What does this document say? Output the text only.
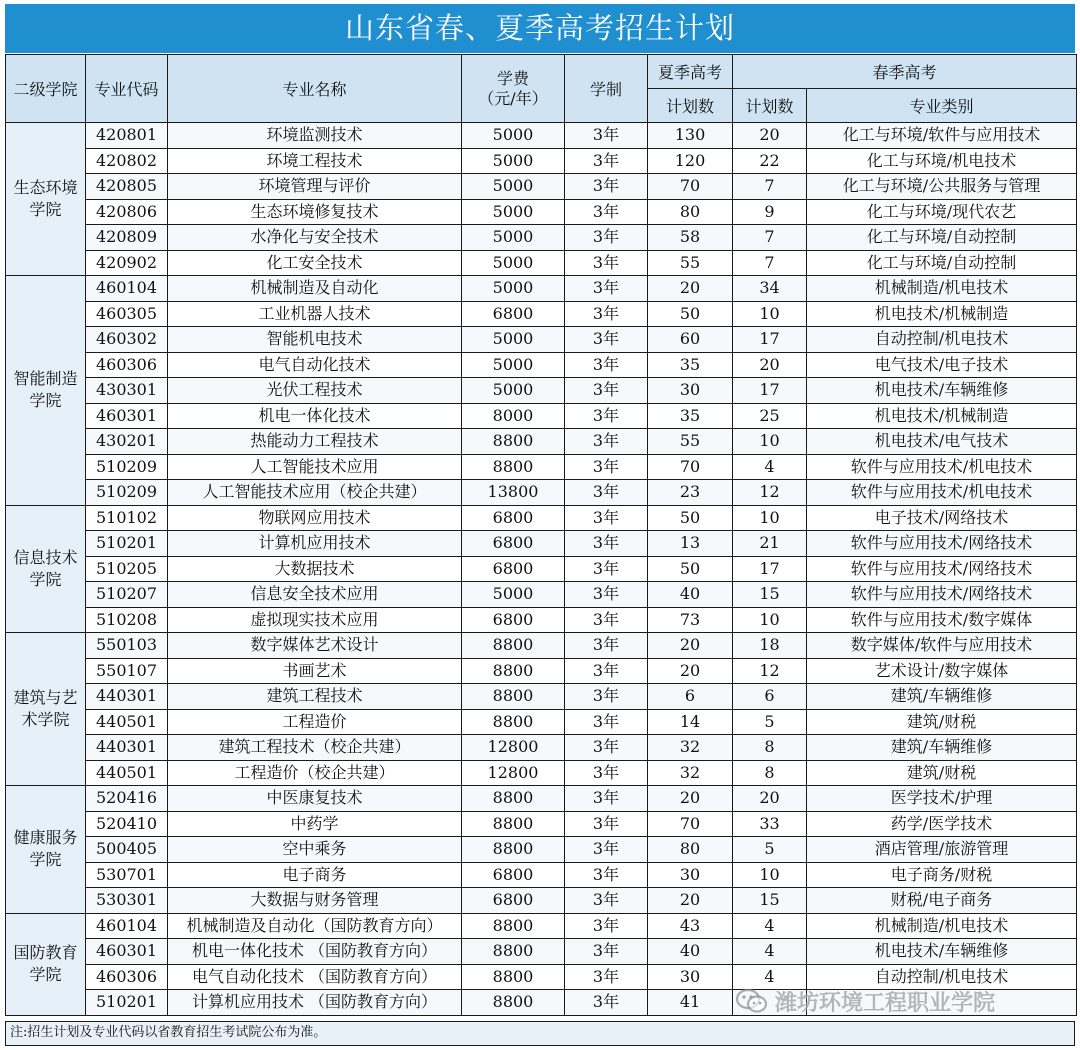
山东省春、夏季高考招生计划
二级学院	专业代码	专业名称	学费
（元/年）	学制	夏季高考	春季高考	
					计划数	计划数	专业类别
生态环境学院	420801	环境监测技术	5000	3年	130	20	化工与环境/软件与应用技术
	420802	环境工程技术	5000	3年	120	22	化工与环境/机电技术
	420805	环境管理与评价	5000	3年	70	7	化工与环境/公共服务与管理
	420806	生态环境修复技术	5000	3年	80	9	化工与环境/现代农艺
	420809	水净化与安全技术	5000	3年	58	7	化工与环境/自动控制
	420902	化工安全技术	5000	3年	55	7	化工与环境/自动控制
智能制造学院	460104	机械制造及自动化	5000	3年	20	34	机械制造/机电技术
	460305	工业机器人技术	6800	3年	50	10	机电技术/机械制造
	460302	智能机电技术	5000	3年	60	17	自动控制/机电技术
	460306	电气自动化技术	5000	3年	35	20	电气技术/电子技术
	430301	光伏工程技术	5000	3年	30	17	机电技术/车辆维修
	460301	机电一体化技术	8000	3年	35	25	机电技术/机械制造
	430201	热能动力工程技术	8800	3年	55	10	机电技术/电气技术
	510209	人工智能技术应用	8800	3年	70	4	软件与应用技术/机电技术
	510209	人工智能技术应用（校企共建）	13800	3年	23	12	软件与应用技术/机电技术
信息技术学院	510102	物联网应用技术	6800	3年	50	10	电子技术/网络技术
	510201	计算机应用技术	6800	3年	13	21	软件与应用技术/网络技术
	510205	大数据技术	6800	3年	50	17	软件与应用技术/网络技术
	510207	信息安全技术应用	5000	3年	40	15	软件与应用技术/网络技术
	510208	虚拟现实技术应用	6800	3年	73	10	软件与应用技术/数字媒体
建筑与艺术学院	550103	数字媒体艺术设计	8800	3年	20	18	数字媒体/软件与应用技术
	550107	书画艺术	8800	3年	20	12	艺术设计/数字媒体
	440301	建筑工程技术	8800	3年	6	6	建筑/车辆维修
	440501	工程造价	8800	3年	14	5	建筑/财税
	440301	建筑工程技术（校企共建）	12800	3年	32	8	建筑/车辆维修
	440501	工程造价（校企共建）	12800	3年	32	8	建筑/财税
健康服务学院	520416	中医康复技术	8800	3年	20	20	医学技术/护理
	520410	中药学	8800	3年	70	33	药学/医学技术
	500405	空中乘务	8800	3年	80	5	酒店管理/旅游管理
	530701	电子商务	6800	3年	30	10	电子商务/财税
	530301	大数据与财务管理	6800	3年	20	15	财税/电子商务
国防教育学院	460104	机械制造及自动化（国防教育方向）	8800	3年	43	4	机械制造/机电技术
	460301	机电一体化技术 （国防教育方向）	8800	3年	40	4	机电技术/车辆维修
	460306	电气自动化技术 （国防教育方向）	8800	3年	30	4	自动控制/机电技术
	510201	计算机应用技术 （国防教育方向）	8800	3年	41		
注:招生计划及专业代码以省教育招生考试院公布为准。
潍坊环境工程职业学院
